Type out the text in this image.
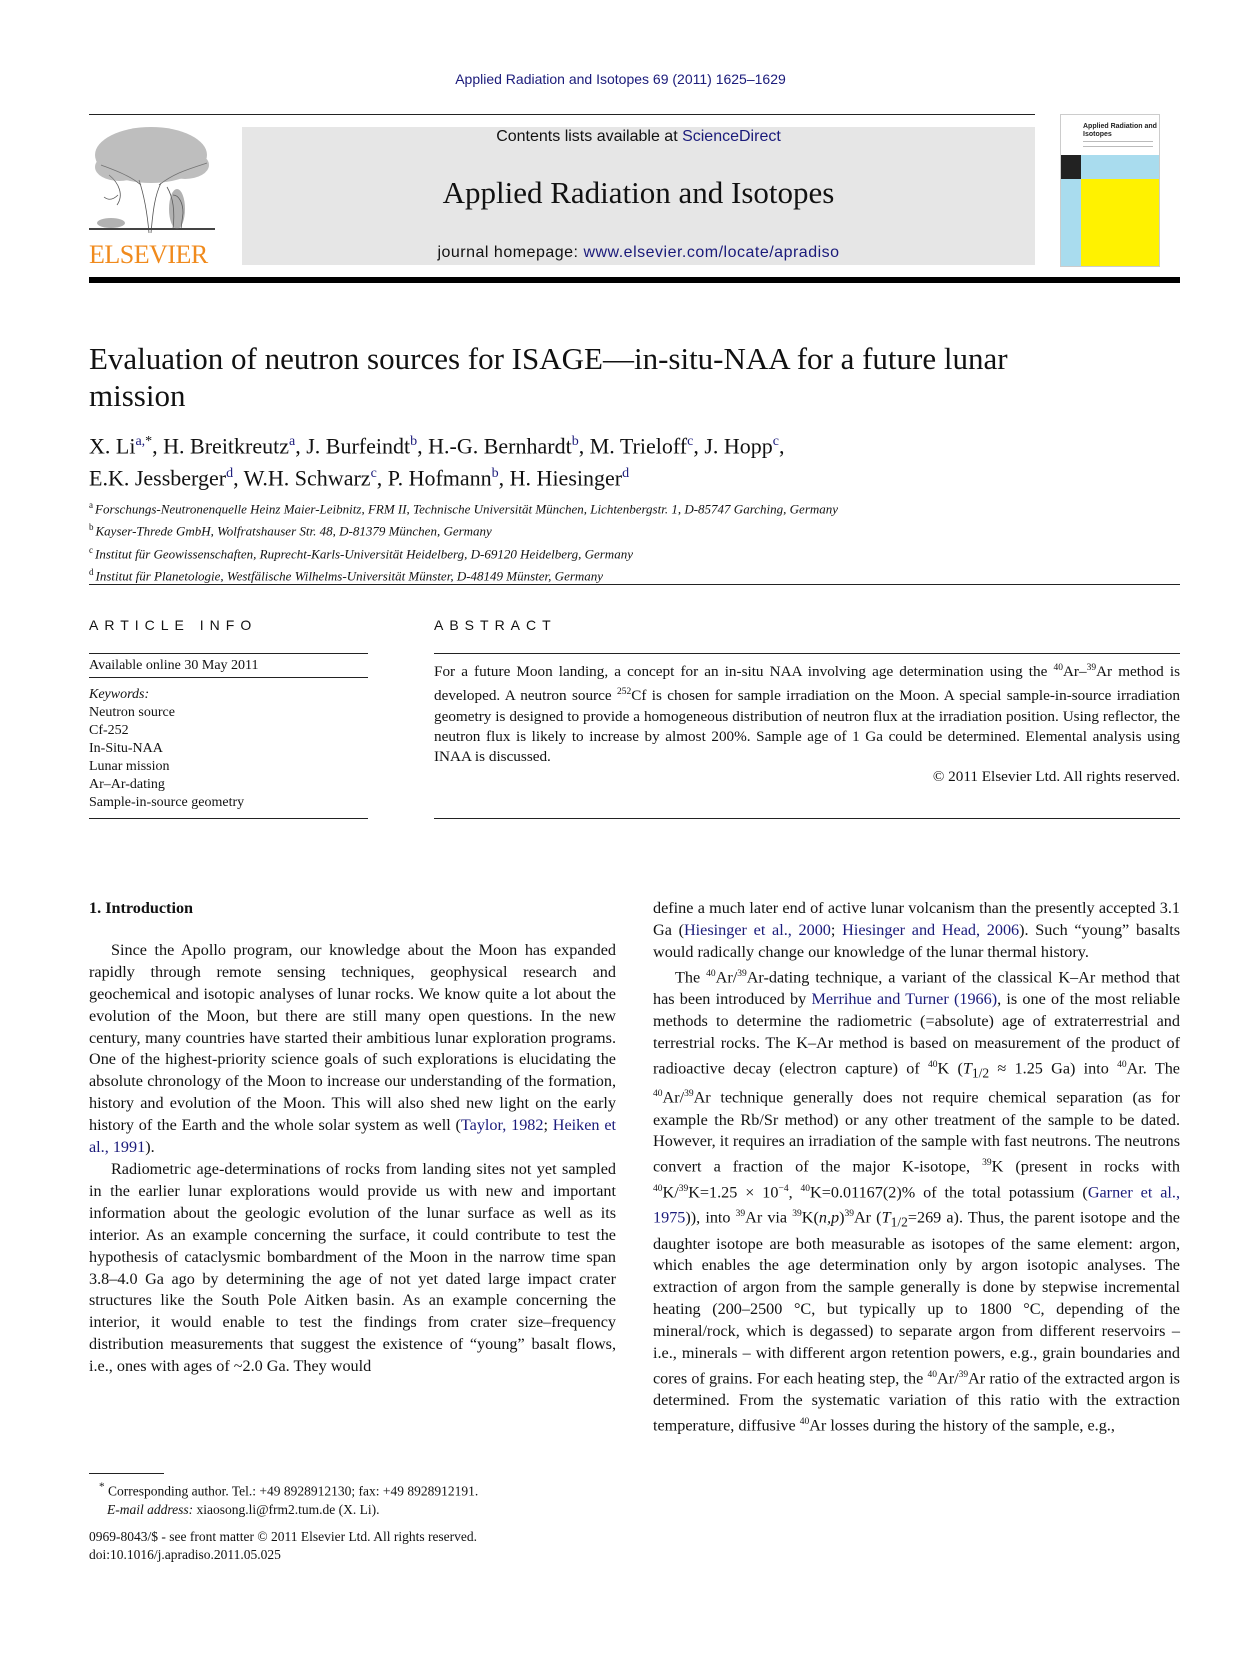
Applied Radiation and Isotopes 69 (2011) 1625–1629
ELSEVIER
Contents lists available at ScienceDirect
Applied Radiation and Isotopes
journal homepage: www.elsevier.com/locate/apradiso
Applied Radiation and Isotopes
Evaluation of neutron sources for ISAGE—in-situ-NAA for a future lunar mission
X. $Li^{a,*}$, H. Breitkreutz$^a$, J. Burfeindt$^b$, H.-G. Bernhardt$^b$, M. Trieloff$^c$, J. Hopp$^c$,
E.K. Jessberger$^d$, W.H. Schwarz$^c$, P. Hofmann$^b$, H. Hiesinger$^d$
$^a$ Forschungs-Neutronenquelle Heinz Maier-Leibnitz, FRM II, Technische Universität München, Lichtenbergstr. 1, D-85747 Garching, Germany
$^b$ Kayser-Threde GmbH, Wolfratshauser Str. 48, D-81379 München, Germany
$^c$ Institut für Geowissenschaften, Ruprecht-Karls-Universität Heidelberg, D-69120 Heidelberg, Germany
$^d$ Institut für Planetologie, Westfälische Wilhelms-Universität Münster, D-48149 Münster, Germany
ARTICLE INFO
Available online 30 May 2011
Keywords:
Neutron source
Cf-252
In-Situ-NAA
Lunar mission
Ar–Ar-dating
Sample-in-source geometry
ABSTRACT
For a future Moon landing, a concept for an in-situ NAA involving age determination using the $^{40}$Ar–$^{39}$Ar method is developed. A neutron source $^{252}$Cf is chosen for sample irradiation on the Moon. A special sample-in-source irradiation geometry is designed to provide a homogeneous distribution of neutron flux at the irradiation position. Using reflector, the neutron flux is likely to increase by almost 200%. Sample age of 1 Ga could be determined. Elemental analysis using INAA is discussed.
© 2011 Elsevier Ltd. All rights reserved.
1. Introduction

Since the Apollo program, our knowledge about the Moon has expanded rapidly through remote sensing techniques, geophysical research and geochemical and isotopic analyses of lunar rocks. We know quite a lot about the evolution of the Moon, but there are still many open questions. In the new century, many countries have started their ambitious lunar exploration programs. One of the highest-priority science goals of such explorations is elucidating the absolute chronology of the Moon to increase our understanding of the formation, history and evolution of the Moon. This will also shed new light on the early history of the Earth and the whole solar system as well (Taylor, 1982; Heiken et al., 1991).

Radiometric age-determinations of rocks from landing sites not yet sampled in the earlier lunar explorations would provide us with new and important information about the geologic evolution of the lunar surface as well as its interior. As an example concerning the surface, it could contribute to test the hypothesis of cataclysmic bombardment of the Moon in the narrow time span 3.8–4.0 Ga ago by determining the age of not yet dated large impact crater structures like the South Pole Aitken basin. As an example concerning the interior, it would enable to test the findings from crater size–frequency distribution measurements that suggest the existence of “young” basalt flows, i.e., ones with ages of ~2.0 Ga. They would

define a much later end of active lunar volcanism than the presently accepted 3.1 Ga (Hiesinger et al., 2000; Hiesinger and Head, 2006). Such “young” basalts would radically change our knowledge of the lunar thermal history.

The $^{40}$Ar/$^{39}$Ar-dating technique, a variant of the classical K–Ar method that has been introduced by Merrihue and Turner (1966), is one of the most reliable methods to determine the radiometric (=absolute) age of extraterrestrial and terrestrial rocks. The K–Ar method is based on measurement of the product of radioactive decay (electron capture) of $^{40}$K ($T_{1/2} \approx 1.25$ Ga) into $^{40}$Ar. The $^{40}$Ar/$^{39}$Ar technique generally does not require chemical separation (as for example the Rb/Sr method) or any other treatment of the sample to be dated. However, it requires an irradiation of the sample with fast neutrons. The neutrons convert a fraction of the major K-isotope, $^{39}$K (present in rocks with $^{40}K/^{39}K=1.25 \times 10^{-4}$, $^{40}$K=0.01167(2)% of the total potassium (Garner et al., 1975)), into $^{39}$Ar via $^{39}K(n,p)^{39}Ar$ ($T_{1/2}=269$ a). Thus, the parent isotope and the daughter isotope are both measurable as isotopes of the same element: argon, which enables the age determination only by argon isotopic analyses. The extraction of argon from the sample generally is done by stepwise incremental heating (200–2500 °C, but typically up to 1800 °C, depending of the mineral/rock, which is degassed) to separate argon from different reservoirs – i.e., minerals – with different argon retention powers, e.g., grain boundaries and cores of grains. For each heating step, the $^{40}$Ar/$^{39}$Ar ratio of the extracted argon is determined. From the systematic variation of this ratio with the extraction temperature, diffusive $^{40}$Ar losses during the history of the sample, e.g.,

* Corresponding author. Tel.: +49 8928912130; fax: +49 8928912191.
E-mail address: xiaosong.li@frm2.tum.de (X. Li).
0969-8043/$ - see front matter © 2011 Elsevier Ltd. All rights reserved.
doi:10.1016/j.apradiso.2011.05.025
